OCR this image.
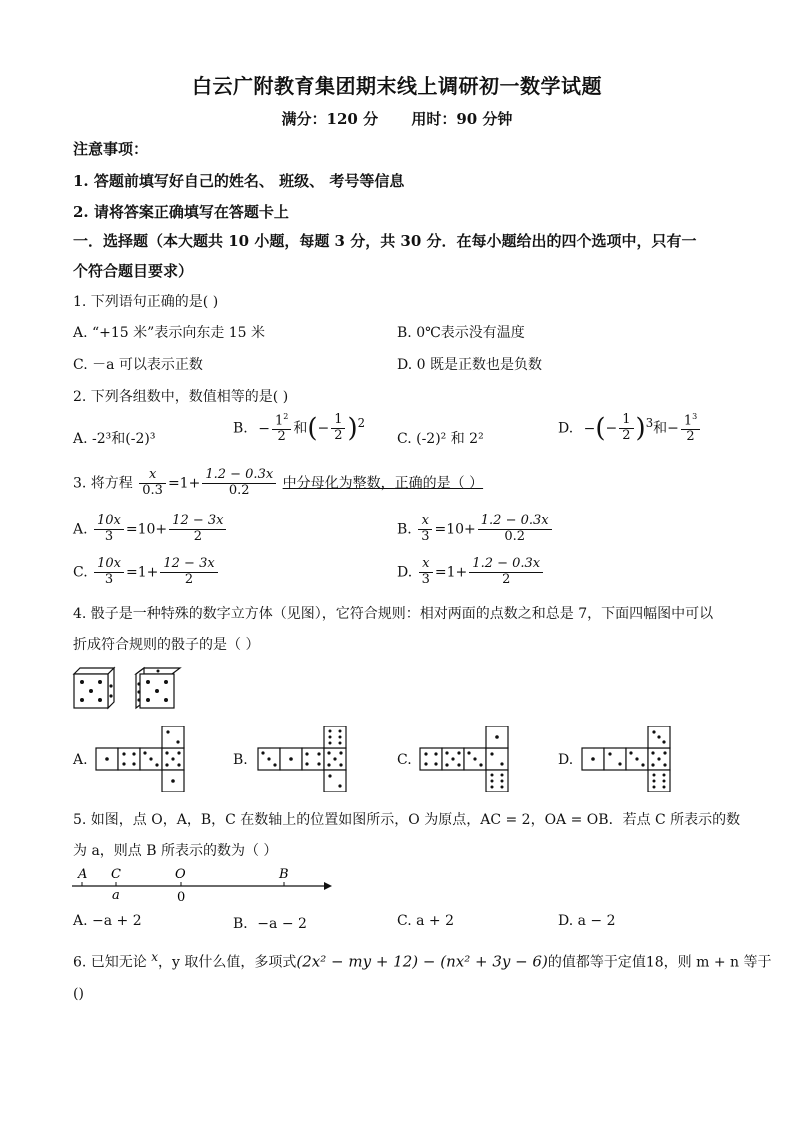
白云广附教育集团期末线上调研初一数学试题
满分：120 分 用时：90 分钟
注意事项：
1. 答题前填写好自己的姓名、 班级、 考号等信息
2. 请将答案正确填写在答题卡上
一．选择题（本大题共 10 小题，每题 3 分，共 30 分．在每小题给出的四个选项中，只有一
个符合题目要求）
1. 下列语句正确的是( )
A. “+15 米”表示向东走 15 米	B. 0℃表示没有温度
C. －a 可以表示正数	D. 0 既是正数也是负数
2. 下列各组数中，数值相等的是( )
A. -2³和(-2)³
B. − $\frac{1^2}{2}$ 和(− $\frac{1}{2} )^2$
C. (-2)² 和 2²
D. −(− $\frac{1}{2} )^3$和− $\frac{1^3}{2}$
3. 将方程 $\frac{x}{0.3} =1+ \frac{1.2 - 0.3x}{0.2}$ 中分母化为整数，正确的是（ ）
A. $\frac{10x}{3} =10+ \frac{12 - 3x}{2}$	B. $\frac{x}{3} =10+ \frac{1.2 - 0.3x}{0.2}$
C. $\frac{10x}{3} =1+ \frac{12 - 3x}{2}$	D. $\frac{x}{3} =1+ \frac{1.2 - 0.3x}{2}$
4. 骰子是一种特殊的数字立方体（见图），它符合规则：相对两面的点数之和总是 7，下面四幅图中可以
折成符合规则的骰子的是（ ）
A.	B.	C.	D.
5. 如图，点 O，A，B，C 在数轴上的位置如图所示，O 为原点，AC = 2，OA = OB．若点 C 所表示的数
为 a，则点 B 所表示的数为（ ）
A C	O	B
a	0
A. −a + 2	B．−a − 2	C. a + 2	D. a − 2
6. 已知无论 x，y 取什么值，多项式(2x² − my + 12) − (nx² + 3y − 6)的值都等于定值18，则 m + n 等于
()
